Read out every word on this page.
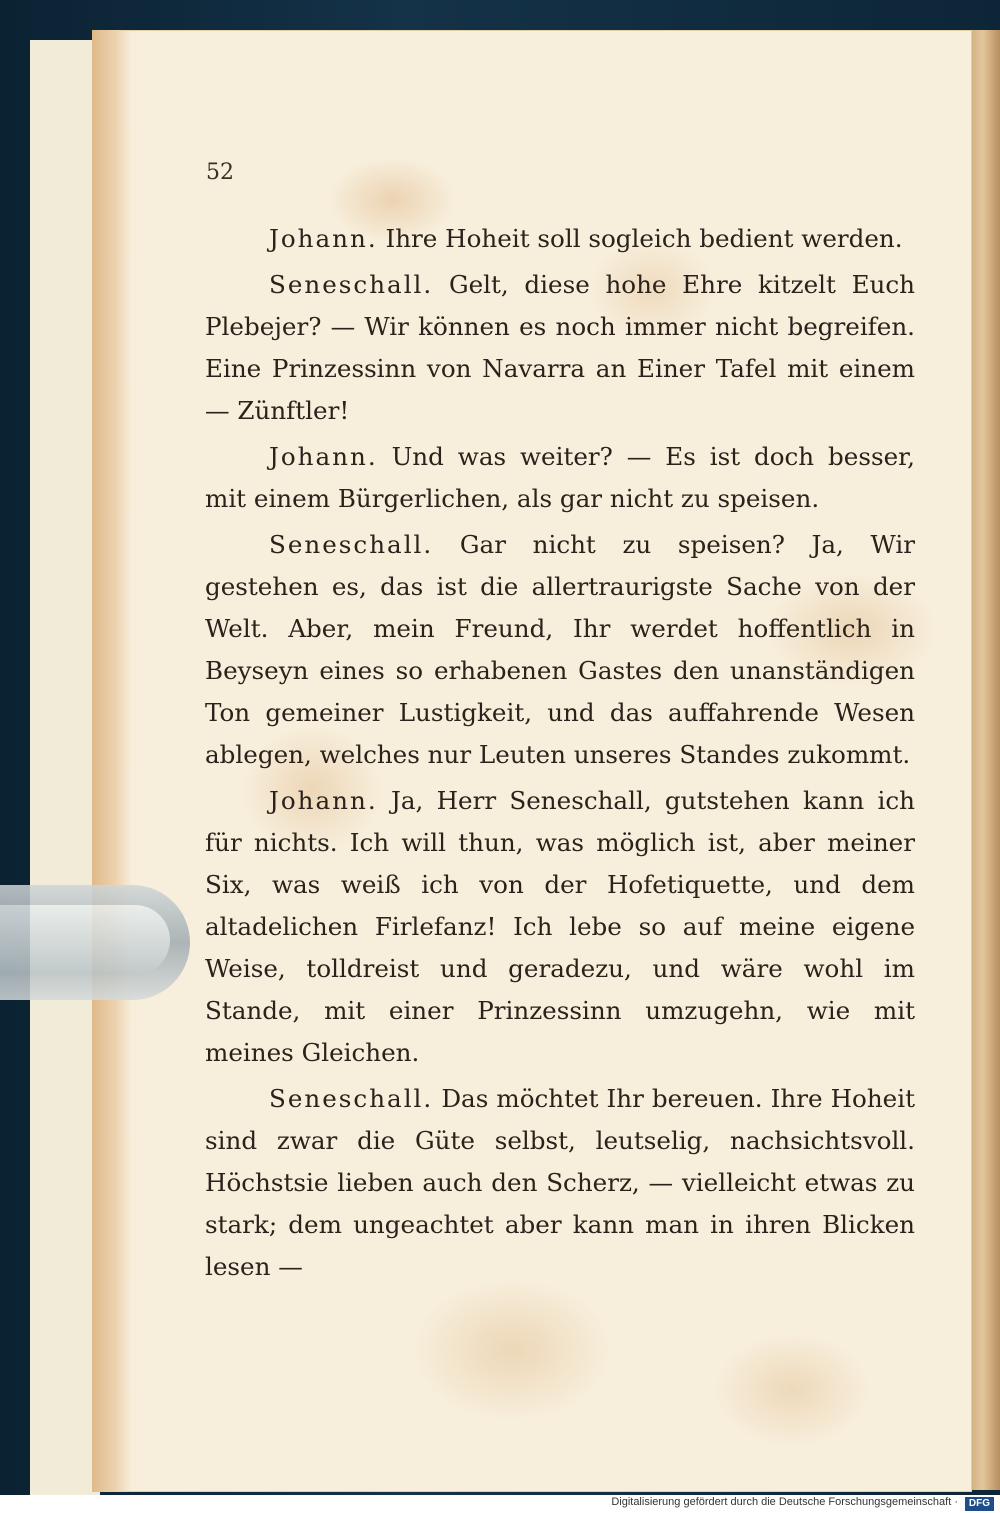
52

Johann. Ihre Hoheit soll sogleich bedient werden.

Seneschall. Gelt, diese hohe Ehre kitzelt Euch Plebejer? — Wir können es noch immer nicht begreifen. Eine Prinzessinn von Navarra an Einer Tafel mit einem — Zünftler!

Johann. Und was weiter? — Es ist doch besser, mit einem Bürgerlichen, als gar nicht zu speisen.

Seneschall. Gar nicht zu speisen? Ja, Wir gestehen es, das ist die allertraurigste Sache von der Welt. Aber, mein Freund, Ihr werdet hoffentlich in Beyseyn eines so erhabenen Gastes den unanständigen Ton gemeiner Lustigkeit, und das auffahrende Wesen ablegen, welches nur Leuten unseres Standes zukommt.

Johann. Ja, Herr Seneschall, gutstehen kann ich für nichts. Ich will thun, was möglich ist, aber meiner Six, was weiß ich von der Hofetiquette, und dem altadelichen Firlefanz! Ich lebe so auf meine eigene Weise, tolldreist und geradezu, und wäre wohl im Stande, mit einer Prinzessinn umzugehn, wie mit meines Gleichen.

Seneschall. Das möchtet Ihr bereuen. Ihre Hoheit sind zwar die Güte selbst, leutselig, nachsichtsvoll. Höchstsie lieben auch den Scherz, — vielleicht etwas zu stark; dem ungeachtet aber kann man in ihren Blicken lesen —

Digitalisierung gefördert durch die Deutsche Forschungsgemeinschaft ·	DFG
